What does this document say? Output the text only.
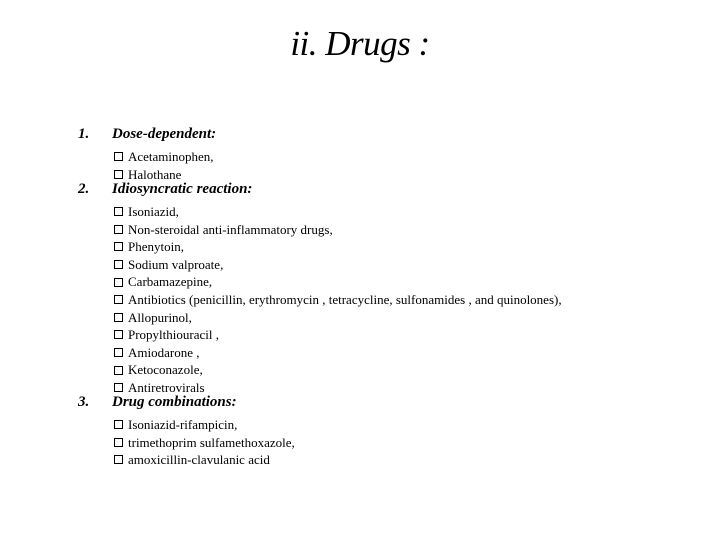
ii. Drugs :
1. Dose-dependent:
Acetaminophen,
Halothane
2. Idiosyncratic reaction:
Isoniazid,
Non-steroidal anti-inflammatory drugs,
Phenytoin,
Sodium valproate,
Carbamazepine,
Antibiotics (penicillin, erythromycin , tetracycline, sulfonamides , and quinolones),
Allopurinol,
Propylthiouracil ,
Amiodarone ,
Ketoconazole,
Antiretrovirals
3. Drug combinations:
Isoniazid-rifampicin,
trimethoprim sulfamethoxazole,
amoxicillin-clavulanic acid
